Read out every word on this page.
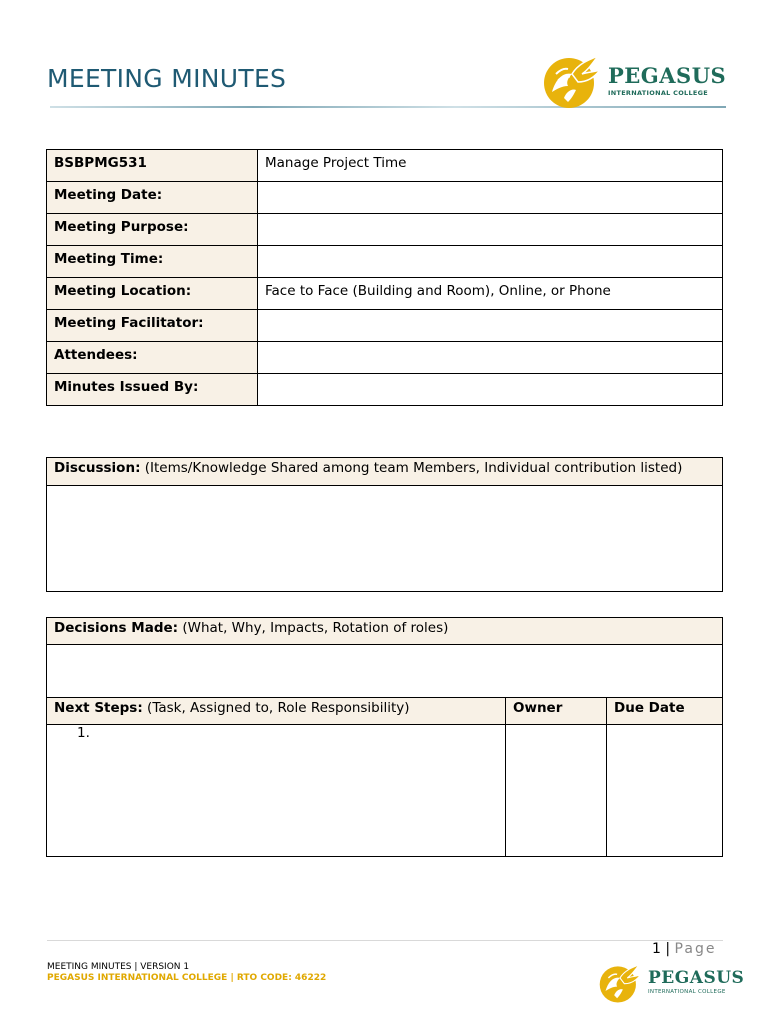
MEETING MINUTES	PEGASUS
INTERNATIONAL COLLEGE
BSBPMG531	Manage Project Time
Meeting Date:	
Meeting Purpose:	
Meeting Time:	
Meeting Location:	Face to Face (Building and Room), Online, or Phone
Meeting Facilitator:	
Attendees:	
Minutes Issued By:	
Discussion: (Items/Knowledge Shared among team Members, Individual contribution listed)

Decisions Made: (What, Why, Impacts, Rotation of roles)		

Next Steps: (Task, Assigned to, Role Responsibility)	Owner	Due Date
1.		
1 | Page
MEETING MINUTES | VERSION 1
PEGASUS INTERNATIONAL COLLEGE | RTO CODE: 46222	PEGASUS
INTERNATIONAL COLLEGE
